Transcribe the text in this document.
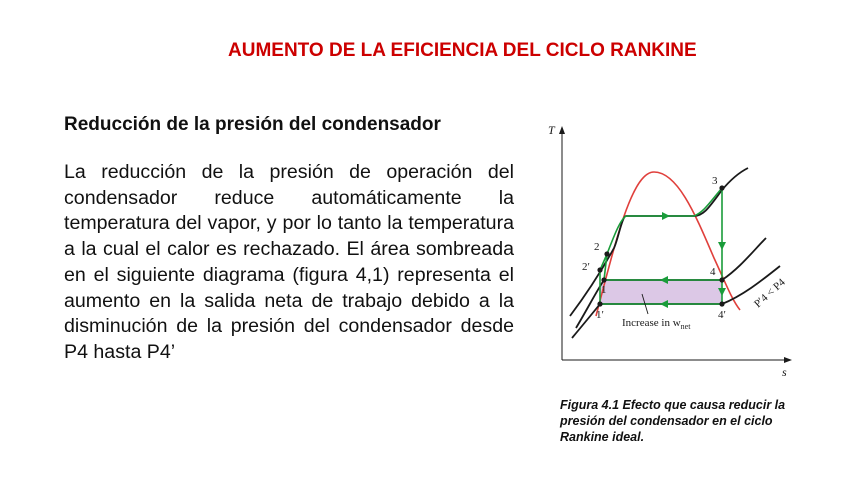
AUMENTO DE LA EFICIENCIA DEL CICLO RANKINE
Reducción de la presión del condensador
La reducción de la presión de operación del condensador reduce automáticamente la temperatura del vapor, y por lo tanto la temperatura a la cual el calor es rechazado. El área sombreada en el siguiente diagrama (figura 4,1) representa el aumento en la salida neta de trabajo debido a la disminución de la presión del condensador desde P4 hasta P4’
T
s
3
4
4′
1
1′
2
2′
P′4 < P4
Increase in $w_{net}$
Figura 4.1 Efecto que causa reducir la presión del condensador en el ciclo Rankine ideal.
